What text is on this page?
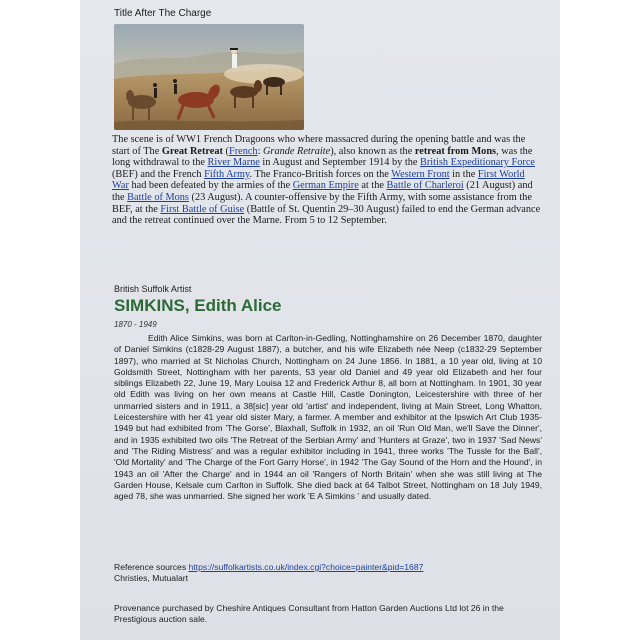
Title After The Charge
The scene is of WW1 French Dragoons who where massacred during the opening battle and was the start of The Great Retreat (French: Grande Retraite), also known as the retreat from Mons, was the long withdrawal to the River Marne in August and September 1914 by the British Expeditionary Force (BEF) and the French Fifth Army. The Franco-British forces on the Western Front in the First World War had been defeated by the armies of the German Empire at the Battle of Charleroi (21 August) and the Battle of Mons (23 August). A counter-offensive by the Fifth Army, with some assistance from the BEF, at the First Battle of Guise (Battle of St. Quentin 29–30 August) failed to end the German advance and the retreat continued over the Marne. From 5 to 12 September.
British Suffolk Artist
SIMKINS, Edith Alice
1870 - 1949
Edith Alice Simkins, was born at Carlton-in-Gedling, Nottinghamshire on 26 December 1870, daughter of Daniel Simkins (c1828-29 August 1887), a butcher, and his wife Elizabeth née Neep (c1832-29 September 1897), who married at St Nicholas Church, Nottingham on 24 June 1856. In 1881, a 10 year old, living at 10 Goldsmith Street, Nottingham with her parents, 53 year old Daniel and 49 year old Elizabeth and her four siblings Elizabeth 22, June 19, Mary Louisa 12 and Frederick Arthur 8, all born at Nottingham. In 1901, 30 year old Edith was living on her own means at Castle Hill, Castle Donington, Leicestershire with three of her unmarried sisters and in 1911, a 38[sic] year old 'artist' and independent, living at Main Street, Long Whatton, Leicestershire with her 41 year old sister Mary, a farmer. A member and exhibitor at the Ipswich Art Club 1935-1949 but had exhibited from 'The Gorse', Blaxhall, Suffolk in 1932, an oil 'Run Old Man, we'll Save the Dinner', and in 1935 exhibited two oils 'The Retreat of the Serbian Army' and 'Hunters at Graze', two in 1937 'Sad News' and 'The Riding Mistress' and was a regular exhibitor including in 1941, three works 'The Tussle for the Ball', 'Old Mortality' and 'The Charge of the Fort Garry Horse', in 1942 'The Gay Sound of the Horn and the Hound', in 1943 an oil 'After the Charge' and in 1944 an oil 'Rangers of North Britain' when she was still living at The Garden House, Kelsale cum Carlton in Suffolk. She died back at 64 Talbot Street, Nottingham on 18 July 1949, aged 78, she was unmarried. She signed her work 'E A Simkins ' and usually dated.
Reference sources https://suffolkartists.co.uk/index.cgi?choice=painter&pid=1687
Christies, Mutualart
Provenance purchased by Cheshire Antiques Consultant from Hatton Garden Auctions Ltd lot 26 in the Prestigious auction sale.
